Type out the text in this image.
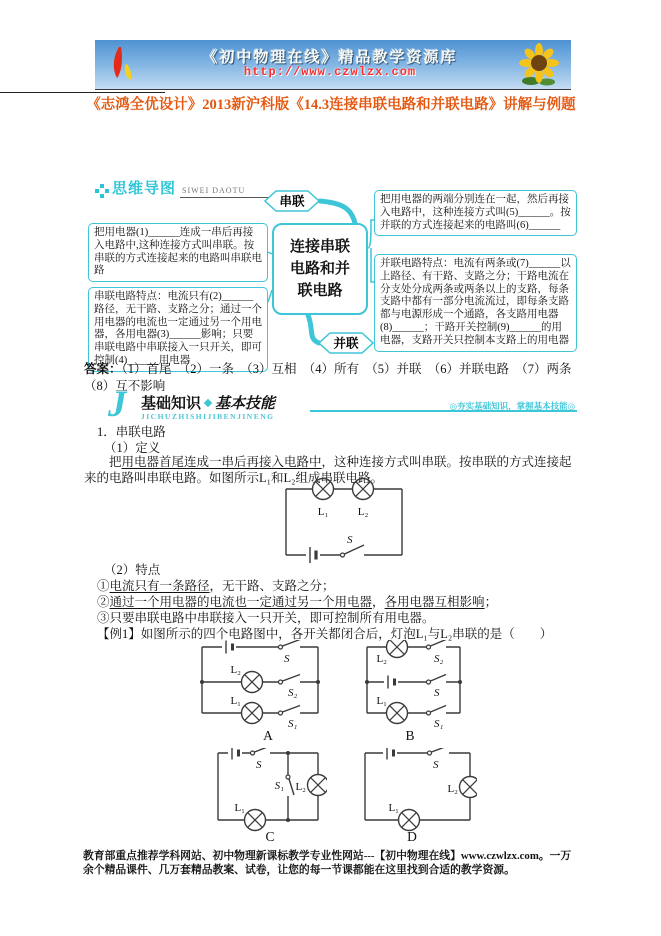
《初中物理在线》精品教学资源库
http://www.czwlzx.com
《志鸿全优设计》2013新沪科版《14.3连接串联电路和并联电路》讲解与例题
思维导图 SIWEI DAOTU
串联
连接串联电路和并联电路
并联
把用电器(1)______连成一串后再接入电路中,这种连接方式叫串联。按串联的方式连接起来的电路叫串联电路
串联电路特点：电流只有(2)______路径，无干路、支路之分；通过一个用电器的电流也一定通过另一个用电器，各用电器(3)______影响；只要串联电路中串联接入一只开关，即可控制(4)______用电器
把用电器的两端分别连在一起，然后再接入电路中，这种连接方式叫(5)______。按并联的方式连接起来的电路叫(6)______
并联电路特点：电流有两条或(7)______以上路径、有干路、支路之分；干路电流在分支处分成两条或两条以上的支路，每条支路中都有一部分电流流过，即每条支路都与电源形成一个通路，各支路用电器(8)______；干路开关控制(9)______的用电器，支路开关只控制本支路上的用电器

答案：（1）首尾　（2）一条　（3）互相　（4）所有　（5）并联　（6）并联电路　（7）两条　（8）互不影响

J 基础知识 基本技能
JICHUZHISHIJIBENJINENG
◎夯实基础知识，掌握基本技能◎
1．串联电路
（1）定义
把用电器首尾连成一串后再接入电路中，这种连接方式叫串联。按串联的方式连接起来的电路叫串联电路。如图所示L₁和L₂组成串联电路。
L₁	L₂
S
（2）特点
①电流只有一条路径，无干路、支路之分；
②通过一个用电器的电流也一定通过另一个用电器，各用电器互相影响；
③只要串联电路中串联接入一只开关，即可控制所有用电器。
【例1】如图所示的四个电路图中，各开关都闭合后，灯泡L₁与L₂串联的是（　　）
S
L₂
S₂
L₁
S₁
A
L₂	S₂
S
L₁
S₁
B
S
S₁ L₂
L₁
C
S
L₂
L₁
D
教育部重点推荐学科网站、初中物理新课标教学专业性网站---【初中物理在线】www.czwlzx.com。一万余个精品课件、几万套精品教案、试卷，让您的每一节课都能在这里找到合适的教学资源。
